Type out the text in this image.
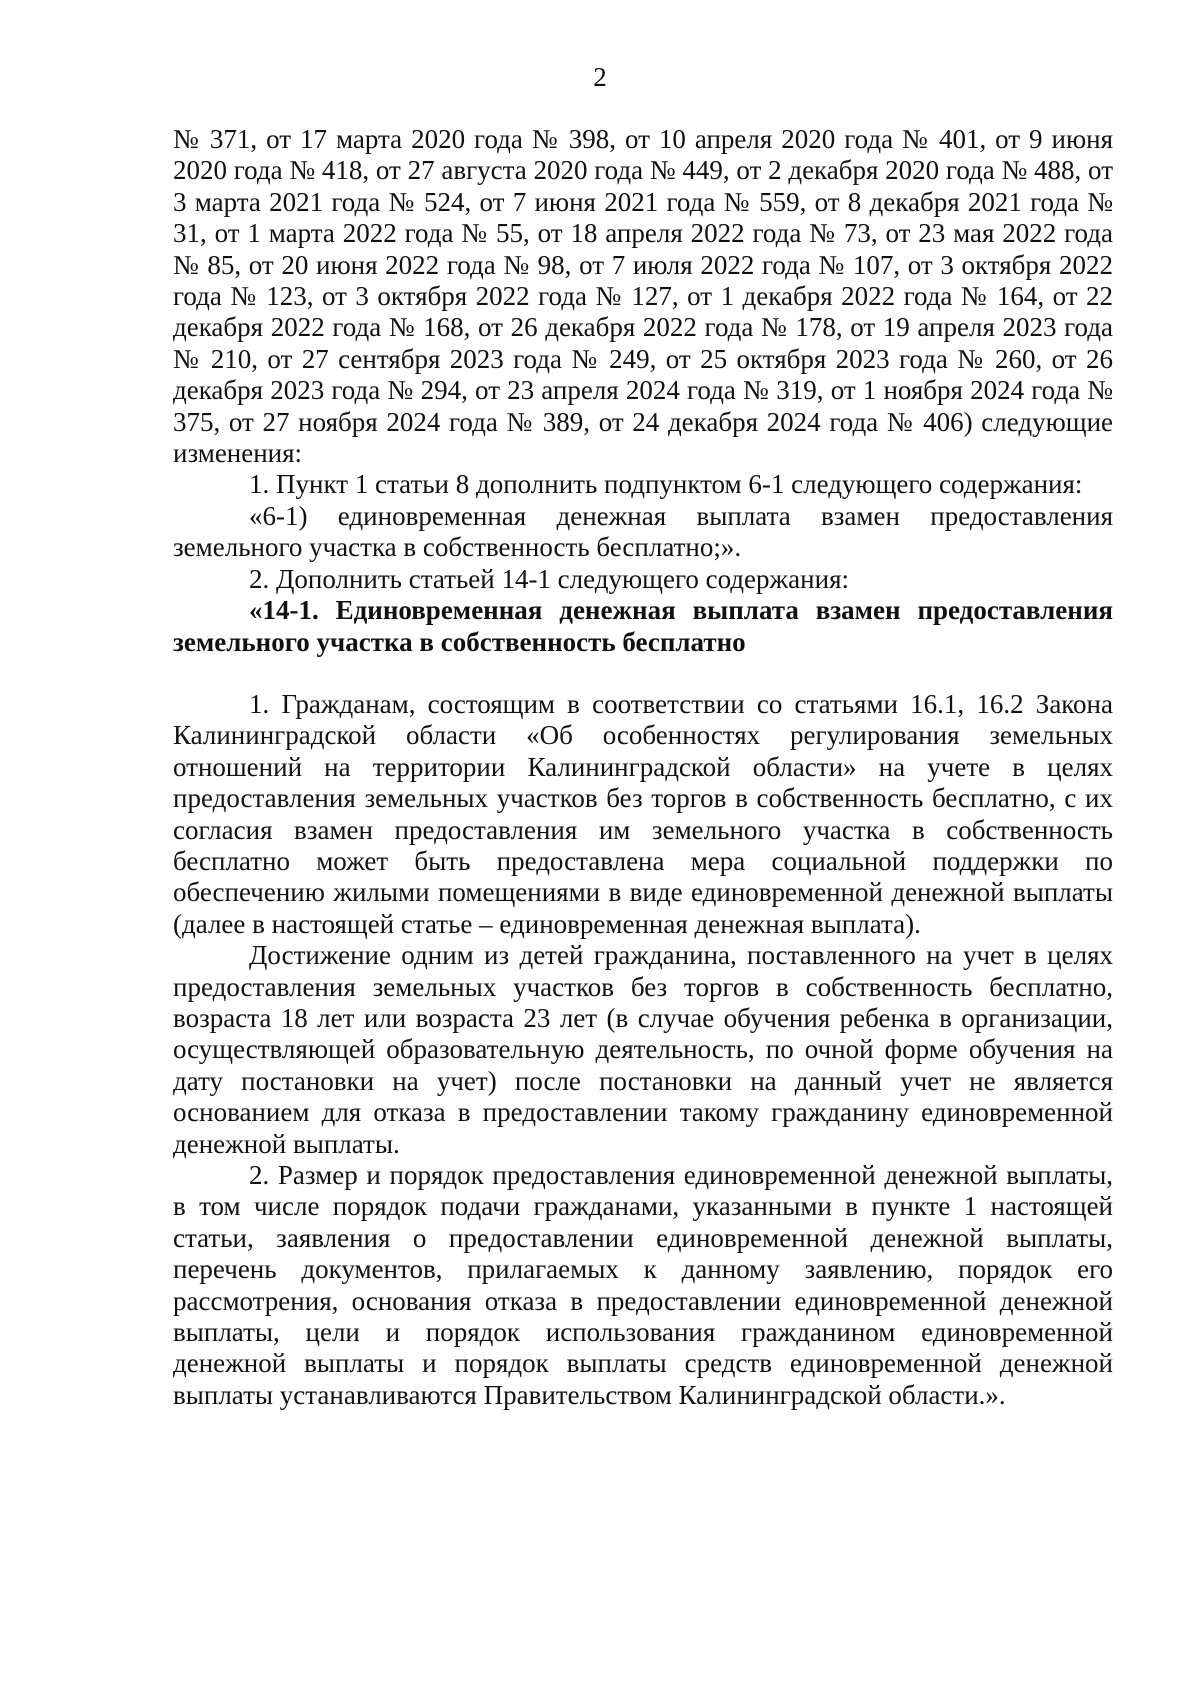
2

№ 371, от 17 марта 2020 года № 398, от 10 апреля 2020 года № 401, от 9 июня 2020 года № 418, от 27 августа 2020 года № 449, от 2 декабря 2020 года № 488, от 3 марта 2021 года № 524, от 7 июня 2021 года № 559, от 8 декабря 2021 года № 31, от 1 марта 2022 года № 55, от 18 апреля 2022 года № 73, от 23 мая 2022 года № 85, от 20 июня 2022 года № 98, от 7 июля 2022 года № 107, от 3 октября 2022 года № 123, от 3 октября 2022 года № 127, от 1 декабря 2022 года № 164, от 22 декабря 2022 года № 168, от 26 декабря 2022 года № 178, от 19 апреля 2023 года № 210, от 27 сентября 2023 года № 249, от 25 октября 2023 года № 260, от 26 декабря 2023 года № 294, от 23 апреля 2024 года № 319, от 1 ноября 2024 года № 375, от 27 ноября 2024 года № 389, от 24 декабря 2024 года № 406) следующие изменения:

1. Пункт 1 статьи 8 дополнить подпунктом 6-1 следующего содержания:

«6-1) единовременная денежная выплата взамен предоставления земельного участка в собственность бесплатно;».

2. Дополнить статьей 14-1 следующего содержания:

«14-1. Единовременная денежная выплата взамен предоставления земельного участка в собственность бесплатно

1. Гражданам, состоящим в соответствии со статьями 16.1, 16.2 Закона Калининградской области «Об особенностях регулирования земельных отношений на территории Калининградской области» на учете в целях предоставления земельных участков без торгов в собственность бесплатно, с их согласия взамен предоставления им земельного участка в собственность бесплатно может быть предоставлена мера социальной поддержки по обеспечению жилыми помещениями в виде единовременной денежной выплаты (далее в настоящей статье – единовременная денежная выплата).

Достижение одним из детей гражданина, поставленного на учет в целях предоставления земельных участков без торгов в собственность бесплатно, возраста 18 лет или возраста 23 лет (в случае обучения ребенка в организации, осуществляющей образовательную деятельность, по очной форме обучения на дату постановки на учет) после постановки на данный учет не является основанием для отказа в предоставлении такому гражданину единовременной денежной выплаты.

2. Размер и порядок предоставления единовременной денежной выплаты, в том числе порядок подачи гражданами, указанными в пункте 1 настоящей статьи, заявления о предоставлении единовременной денежной выплаты, перечень документов, прилагаемых к данному заявлению, порядок его рассмотрения, основания отказа в предоставлении единовременной денежной выплаты, цели и порядок использования гражданином единовременной денежной выплаты и порядок выплаты средств единовременной денежной выплаты устанавливаются Правительством Калининградской области.».
